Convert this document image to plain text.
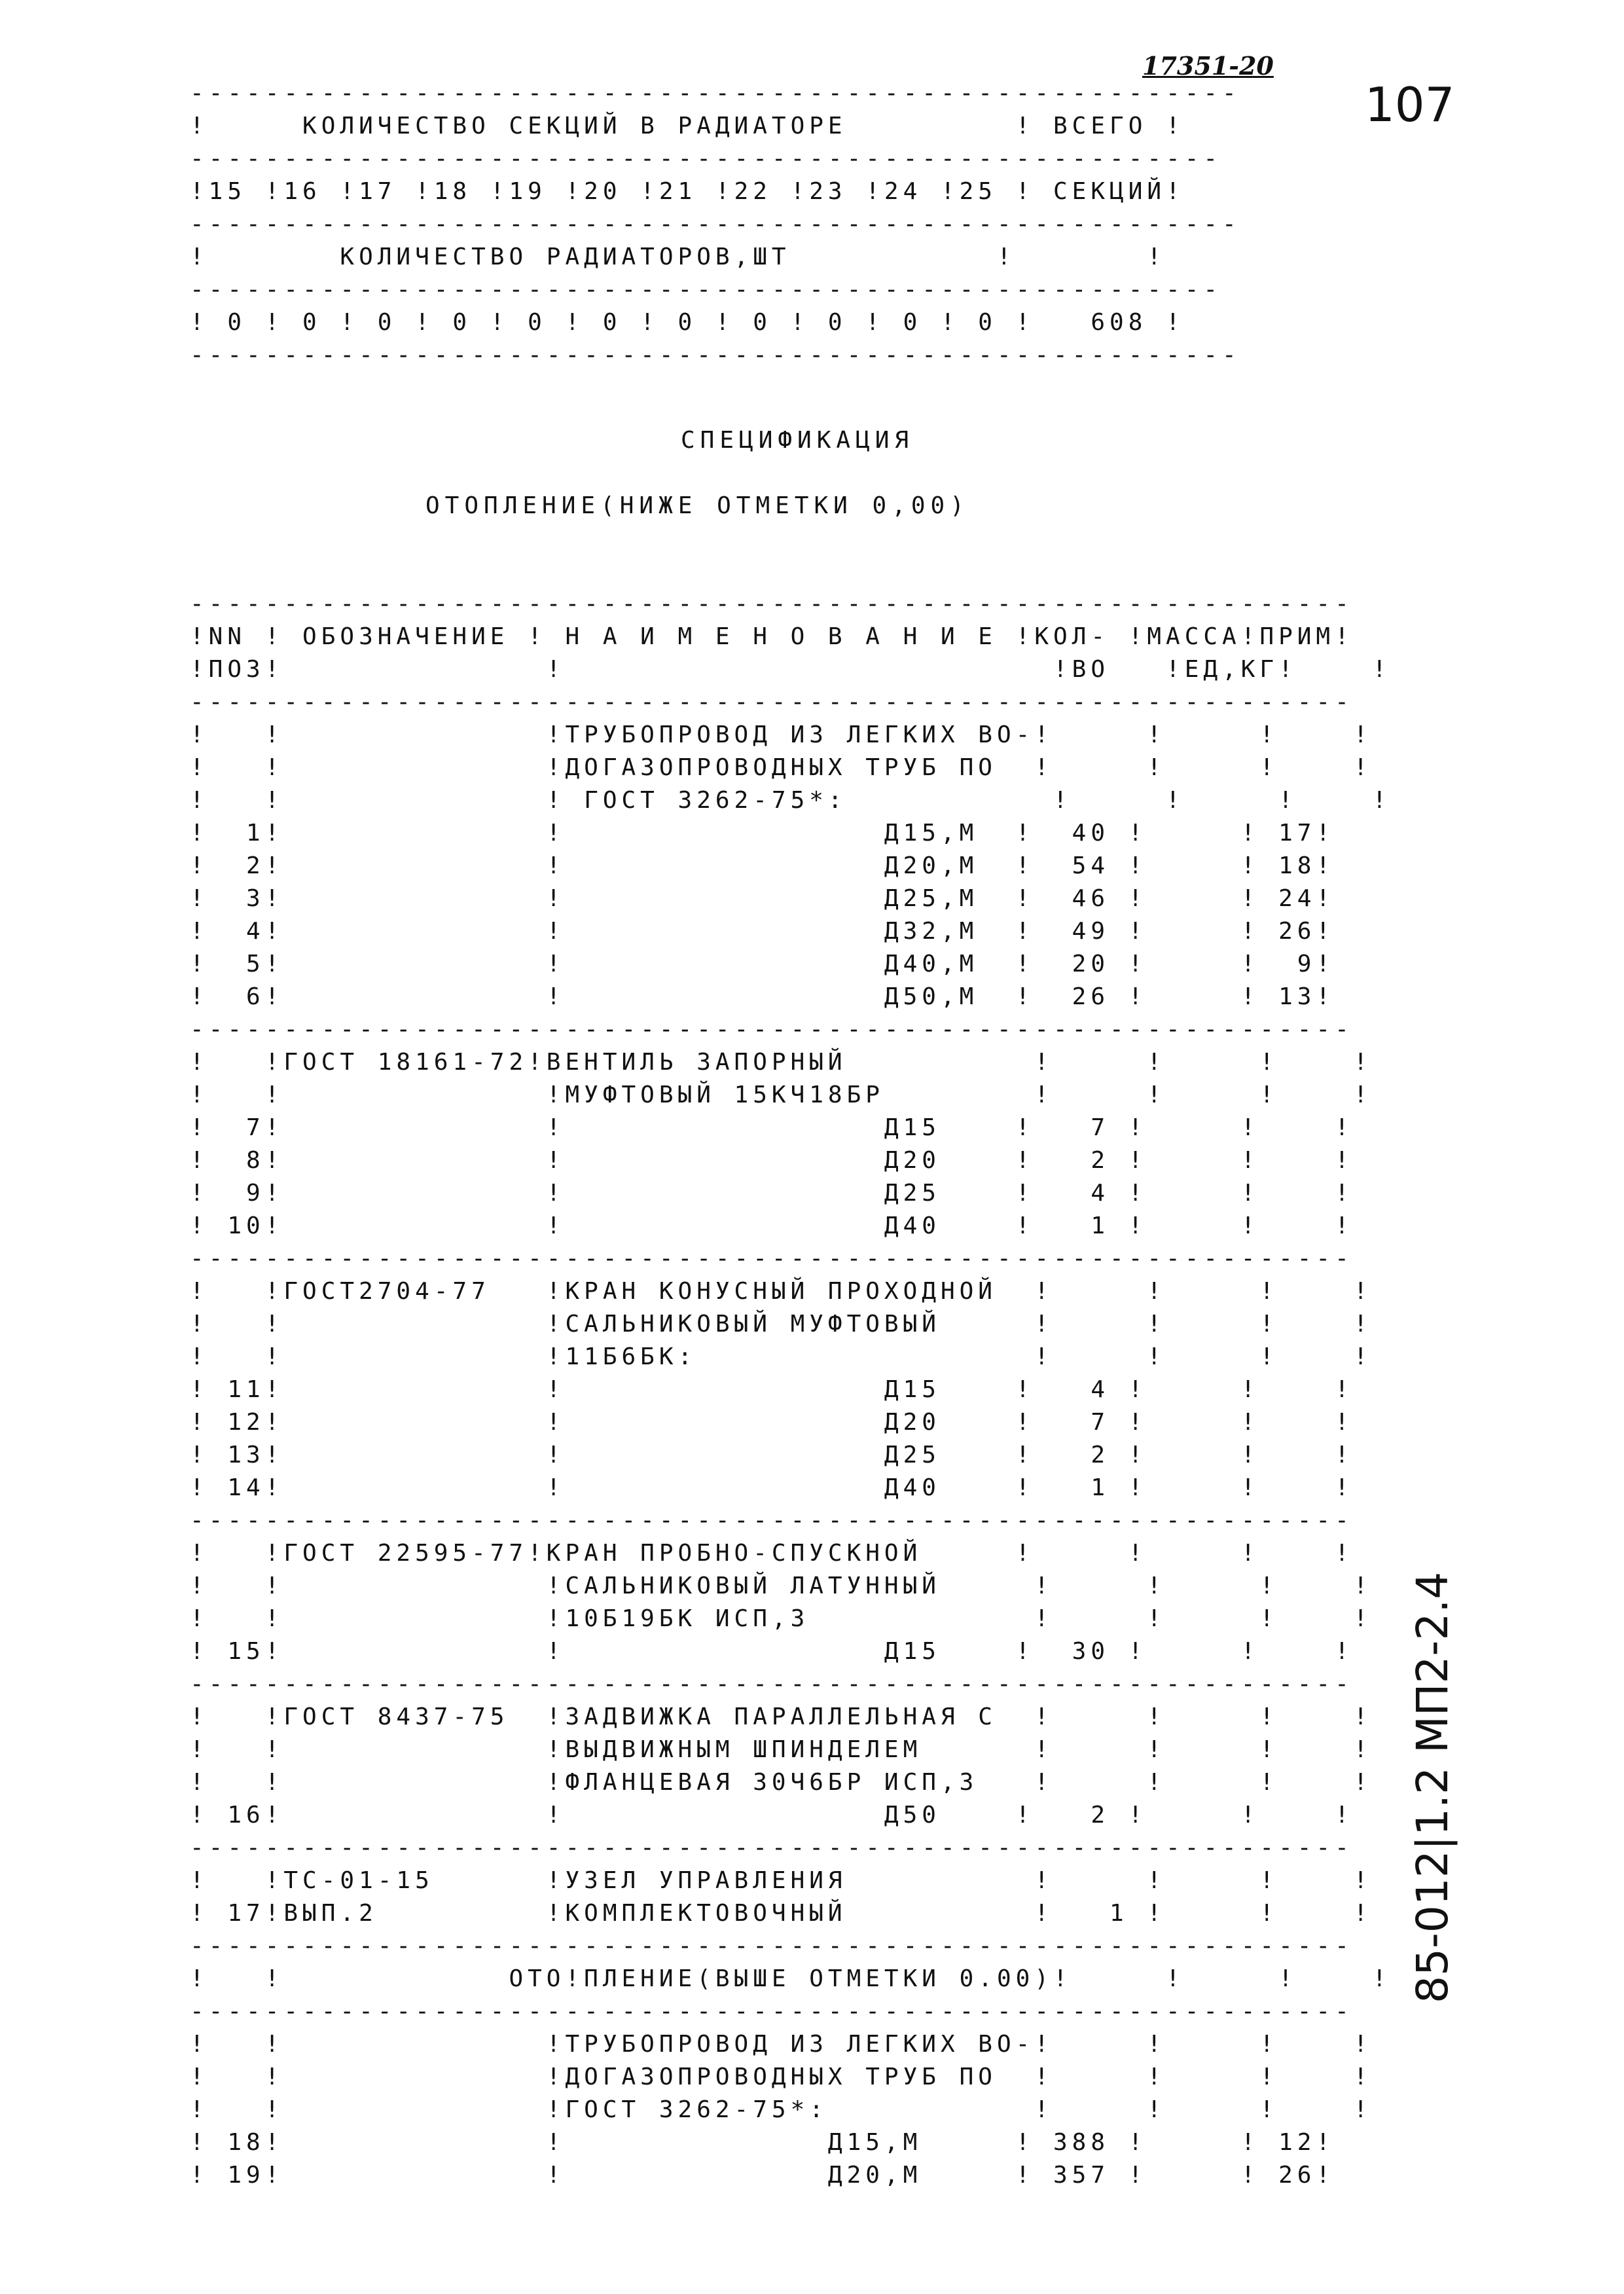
17351-20
107
85-012|1.2 МП2-2.4
--------------------------------------------------------
!     КОЛИЧЕСТВО СЕКЦИЙ В РАДИАТОРЕ         ! ВСЕГО !
-------------------------------------------------------
!15 !16 !17 !18 !19 !20 !21 !22 !23 !24 !25 ! СЕКЦИЙ!
--------------------------------------------------------
!       КОЛИЧЕСТВО РАДИАТОРОВ,ШТ           !       !
-------------------------------------------------------
! 0 ! 0 ! 0 ! 0 ! 0 ! 0 ! 0 ! 0 ! 0 ! 0 ! 0 !   608 !
--------------------------------------------------------
СПЕЦИФИКАЦИЯ
ОТОПЛЕНИЕ(НИЖЕ ОТМЕТКИ 0,00)
--------------------------------------------------------------
!NN ! ОБОЗНАЧЕНИЕ ! Н А И М Е Н О В А Н И Е !КОЛ- !МАССА!ПРИМ!
!ПОЗ!              !                          !ВО   !ЕД,КГ!    !
--------------------------------------------------------------
!   !              !ТРУБОПРОВОД ИЗ ЛЕГКИХ ВО-!     !     !    !
!   !              !ДОГАЗОПРОВОДНЫХ ТРУБ ПО  !     !     !    !
!   !              ! ГОСТ 3262-75*:           !     !     !    !
!  1!              !                 Д15,М  !  40 !     ! 17!
!  2!              !                 Д20,М  !  54 !     ! 18!
!  3!              !                 Д25,М  !  46 !     ! 24!
!  4!              !                 Д32,М  !  49 !     ! 26!
!  5!              !                 Д40,М  !  20 !     !  9!
!  6!              !                 Д50,М  !  26 !     ! 13!
--------------------------------------------------------------
!   !ГОСТ 18161-72!ВЕНТИЛЬ ЗАПОРНЫЙ          !     !     !    !
!   !              !МУФТОВЫЙ 15КЧ18БР        !     !     !    !
!  7!              !                 Д15    !   7 !     !    !
!  8!              !                 Д20    !   2 !     !    !
!  9!              !                 Д25    !   4 !     !    !
! 10!              !                 Д40    !   1 !     !    !
--------------------------------------------------------------
!   !ГОСТ2704-77   !КРАН КОНУСНЫЙ ПРОХОДНОЙ  !     !     !    !
!   !              !САЛЬНИКОВЫЙ МУФТОВЫЙ     !     !     !    !
!   !              !11Б6БК:                  !     !     !    !
! 11!              !                 Д15    !   4 !     !    !
! 12!              !                 Д20    !   7 !     !    !
! 13!              !                 Д25    !   2 !     !    !
! 14!              !                 Д40    !   1 !     !    !
--------------------------------------------------------------
!   !ГОСТ 22595-77!КРАН ПРОБНО-СПУСКНОЙ     !     !     !    !
!   !              !САЛЬНИКОВЫЙ ЛАТУННЫЙ     !     !     !    !
!   !              !10Б19БК ИСП,3            !     !     !    !
! 15!              !                 Д15    !  30 !     !    !
--------------------------------------------------------------
!   !ГОСТ 8437-75  !ЗАДВИЖКА ПАРАЛЛЕЛЬНАЯ С  !     !     !    !
!   !              !ВЫДВИЖНЫМ ШПИНДЕЛЕМ      !     !     !    !
!   !              !ФЛАНЦЕВАЯ 30Ч6БР ИСП,3   !     !     !    !
! 16!              !                 Д50    !   2 !     !    !
--------------------------------------------------------------
!   !ТС-01-15      !УЗЕЛ УПРАВЛЕНИЯ          !     !     !    !
! 17!ВЫП.2         !КОМПЛЕКТОВОЧНЫЙ          !   1 !     !    !
--------------------------------------------------------------
!   !            ОТО!ПЛЕНИЕ(ВЫШЕ ОТМЕТКИ 0.00)!     !     !    !
--------------------------------------------------------------
!   !              !ТРУБОПРОВОД ИЗ ЛЕГКИХ ВО-!     !     !    !
!   !              !ДОГАЗОПРОВОДНЫХ ТРУБ ПО  !     !     !    !
!   !              !ГОСТ 3262-75*:           !     !     !    !
! 18!              !              Д15,М     ! 388 !     ! 12!
! 19!              !              Д20,М     ! 357 !     ! 26!
